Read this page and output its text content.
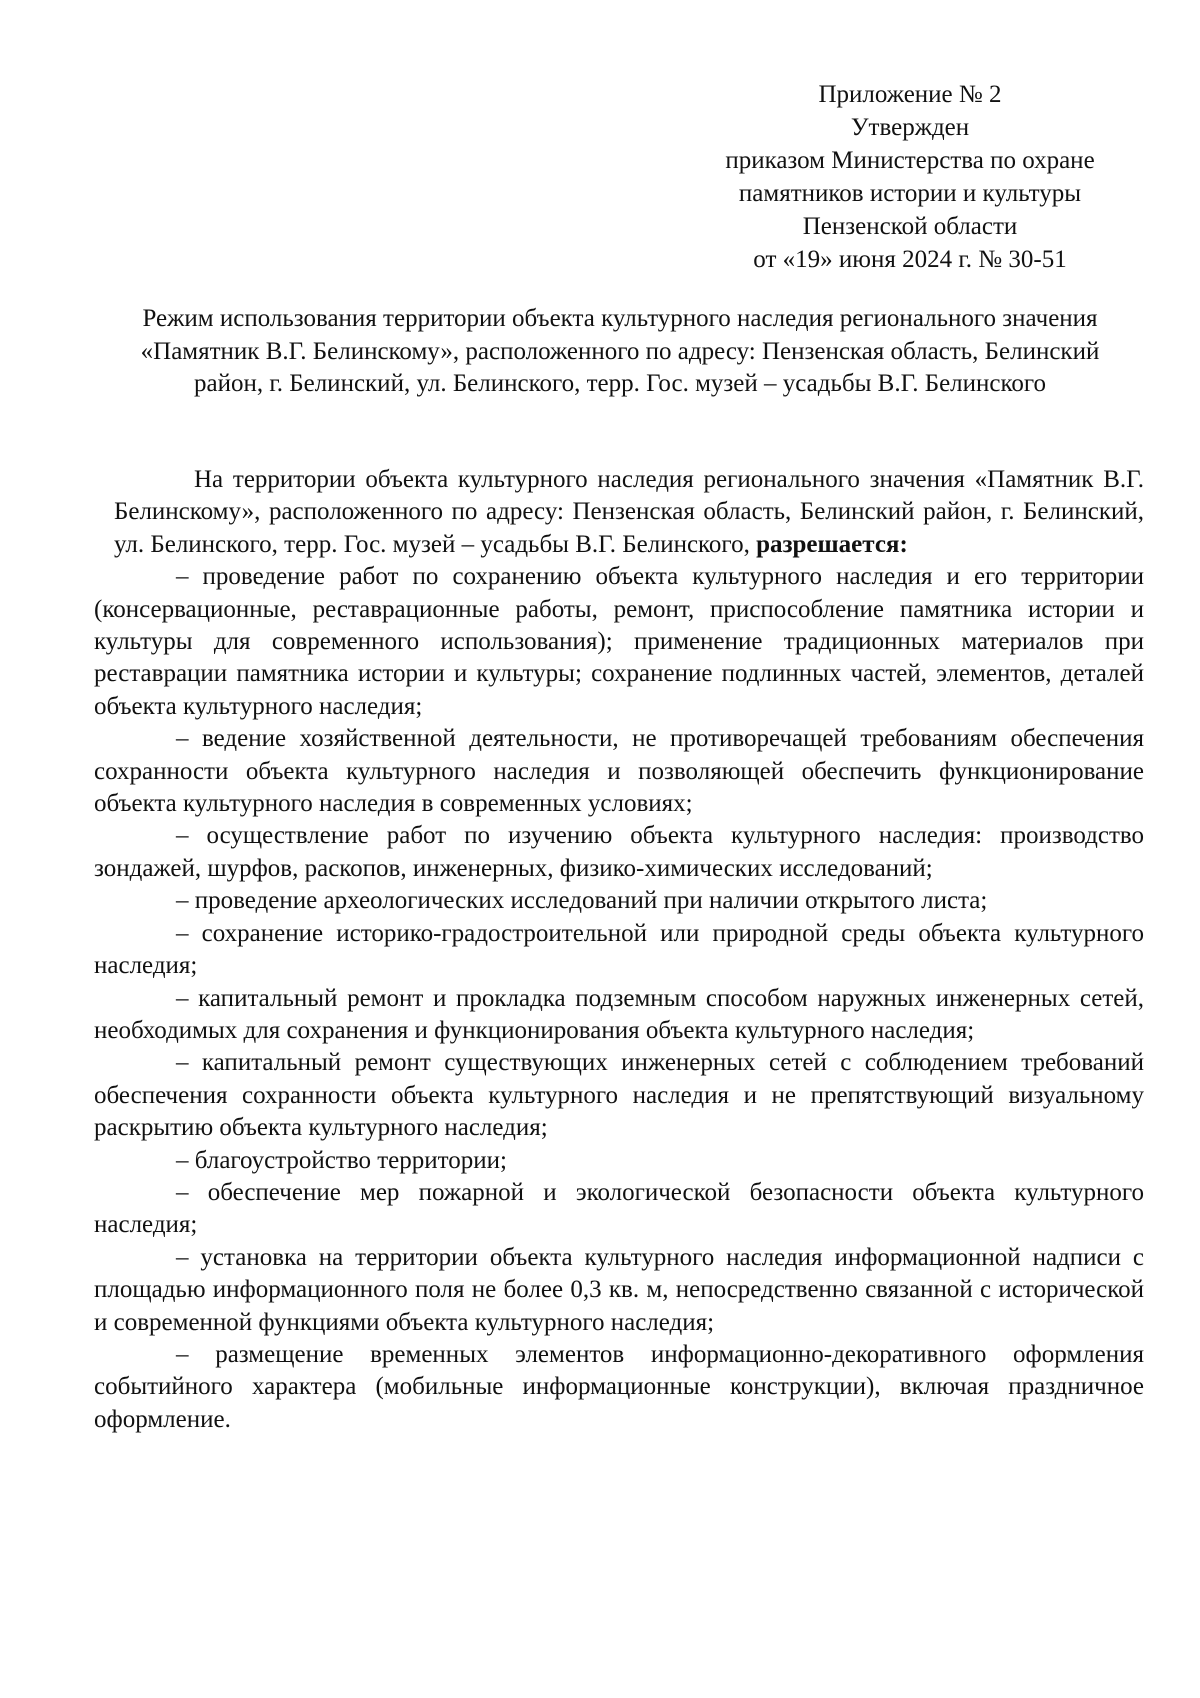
Приложение № 2
Утвержден
приказом Министерства по охране
памятников истории и культуры
Пензенской области
от «19» июня 2024 г. № 30-51
Режим использования территории объекта культурного наследия регионального значения «Памятник В.Г. Белинскому», расположенного по адресу: Пензенская область, Белинский район, г. Белинский, ул. Белинского, терр. Гос. музей – усадьбы В.Г. Белинского

На территории объекта культурного наследия регионального значения «Памятник В.Г. Белинскому», расположенного по адресу: Пензенская область, Белинский район, г. Белинский, ул. Белинского, терр. Гос. музей – усадьбы В.Г. Белинского, разрешается:

– проведение работ по сохранению объекта культурного наследия и его территории (консервационные, реставрационные работы, ремонт, приспособление памятника истории и культуры для современного использования); применение традиционных материалов при реставрации памятника истории и культуры; сохранение подлинных частей, элементов, деталей объекта культурного наследия;

– ведение хозяйственной деятельности, не противоречащей требованиям обеспечения сохранности объекта культурного наследия и позволяющей обеспечить функционирование объекта культурного наследия в современных условиях;

– осуществление работ по изучению объекта культурного наследия: производство зондажей, шурфов, раскопов, инженерных, физико-химических исследований;

– проведение археологических исследований при наличии открытого листа;

– сохранение историко-градостроительной или природной среды объекта культурного наследия;

– капитальный ремонт и прокладка подземным способом наружных инженерных сетей, необходимых для сохранения и функционирования объекта культурного наследия;

– капитальный ремонт существующих инженерных сетей с соблюдением требований обеспечения сохранности объекта культурного наследия и не препятствующий визуальному раскрытию объекта культурного наследия;

– благоустройство территории;

– обеспечение мер пожарной и экологической безопасности объекта культурного наследия;

– установка на территории объекта культурного наследия информационной надписи с площадью информационного поля не более 0,3 кв. м, непосредственно связанной с исторической и современной функциями объекта культурного наследия;

– размещение временных элементов информационно-декоративного оформления событийного характера (мобильные информационные конструкции), включая праздничное оформление.
